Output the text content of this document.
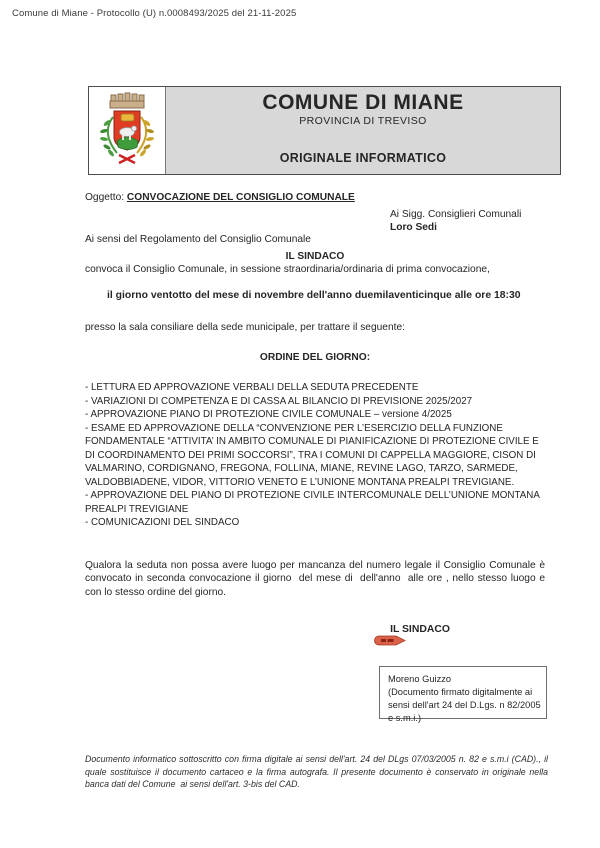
Comune di Miane - Protocollo (U) n.0008493/2025 del 21-11-2025
COMUNE DI MIANE
PROVINCIA DI TREVISO
ORIGINALE INFORMATICO
Oggetto: CONVOCAZIONE DEL CONSIGLIO COMUNALE
Ai Sigg. Consiglieri Comunali
Loro Sedi
Ai sensi del Regolamento del Consiglio Comunale
IL SINDACO
convoca il Consiglio Comunale, in sessione straordinaria/ordinaria di prima convocazione,
il giorno ventotto del mese di novembre dell'anno duemilaventicinque alle ore 18:30
presso la sala consiliare della sede municipale, per trattare il seguente:
ORDINE DEL GIORNO:
- LETTURA ED APPROVAZIONE VERBALI DELLA SEDUTA PRECEDENTE
- VARIAZIONI DI COMPETENZA E DI CASSA AL BILANCIO DI PREVISIONE 2025/2027
- APPROVAZIONE PIANO DI PROTEZIONE CIVILE COMUNALE – versione 4/2025
- ESAME ED APPROVAZIONE DELLA “CONVENZIONE PER L’ESERCIZIO DELLA FUNZIONE FONDAMENTALE “ATTIVITA’ IN AMBITO COMUNALE DI PIANIFICAZIONE DI PROTEZIONE CIVILE E DI COORDINAMENTO DEI PRIMI SOCCORSI”, TRA I COMUNI DI CAPPELLA MAGGIORE, CISON DI VALMARINO, CORDIGNANO, FREGONA, FOLLINA, MIANE, REVINE LAGO, TARZO, SARMEDE, VALDOBBIADENE, VIDOR, VITTORIO VENETO E L’UNIONE MONTANA PREALPI TREVIGIANE.
- APPROVAZIONE DEL PIANO DI PROTEZIONE CIVILE INTERCOMUNALE DELL’UNIONE MONTANA PREALPI TREVIGIANE
- COMUNICAZIONI DEL SINDACO
Qualora la seduta non possa avere luogo per mancanza del numero legale il Consiglio Comunale è convocato in seconda convocazione il giorno  del mese di  dell'anno  alle ore , nello stesso luogo e con lo stesso ordine del giorno.
IL SINDACO
Moreno Guizzo
(Documento firmato digitalmente ai sensi dell'art 24 del D.Lgs. n 82/2005 e s.m.i.)
Documento informatico sottoscritto con firma digitale ai sensi dell'art. 24 del DLgs 07/03/2005 n. 82 e s.m.i (CAD)., il quale sostituisce il documento cartaceo e la firma autografa. Il presente documento è conservato in originale nella banca dati del Comune  ai sensi dell'art. 3-bis del CAD.
